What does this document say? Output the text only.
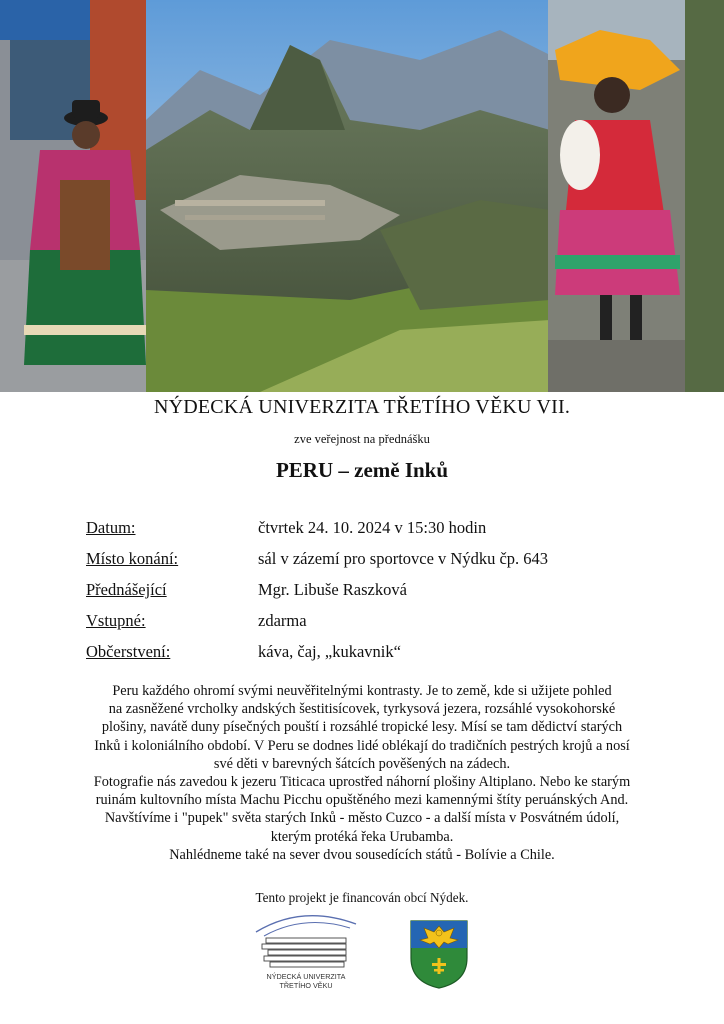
NÝDECKÁ UNIVERZITA TŘETÍHO VĚKU VII.
zve veřejnost na přednášku
PERU – země Inků
Datum:	čtvrtek 24. 10. 2024 v 15:30 hodin
Místo konání:	sál v zázemí pro sportovce v Nýdku čp. 643
Přednášející	Mgr. Libuše Raszková
Vstupné:	zdarma
Občerstvení:	káva, čaj, „kukavnik“

Peru každého ohromí svými neuvěřitelnými kontrasty. Je to země, kde si užijete pohled

na zasněžené vrcholky andských šestitisícovek, tyrkysová jezera, rozsáhlé vysokohorské

plošiny, navátě duny písečných pouští i rozsáhlé tropické lesy. Mísí se tam dědictví starých

Inků i koloniálního období. V Peru se dodnes lidé oblékají do tradičních pestrých krojů a nosí

své děti v barevných šátcích pověšených na zádech.

Fotografie nás zavedou k jezeru Titicaca uprostřed náhorní plošiny Altiplano. Nebo ke starým

ruinám kultovního místa Machu Picchu opuštěného mezi kamennými štíty peruánských And.

Navštívíme i "pupek" světa starých Inků - město Cuzco - a další místa v Posvátném údolí,

kterým protéká řeka Urubamba.

Nahlédneme také na sever dvou sousedících států - Bolívie a Chile.

Tento projekt je financován obcí Nýdek.
NÝDECKÁ UNIVERZITA
TŘETÍHO VĚKU
